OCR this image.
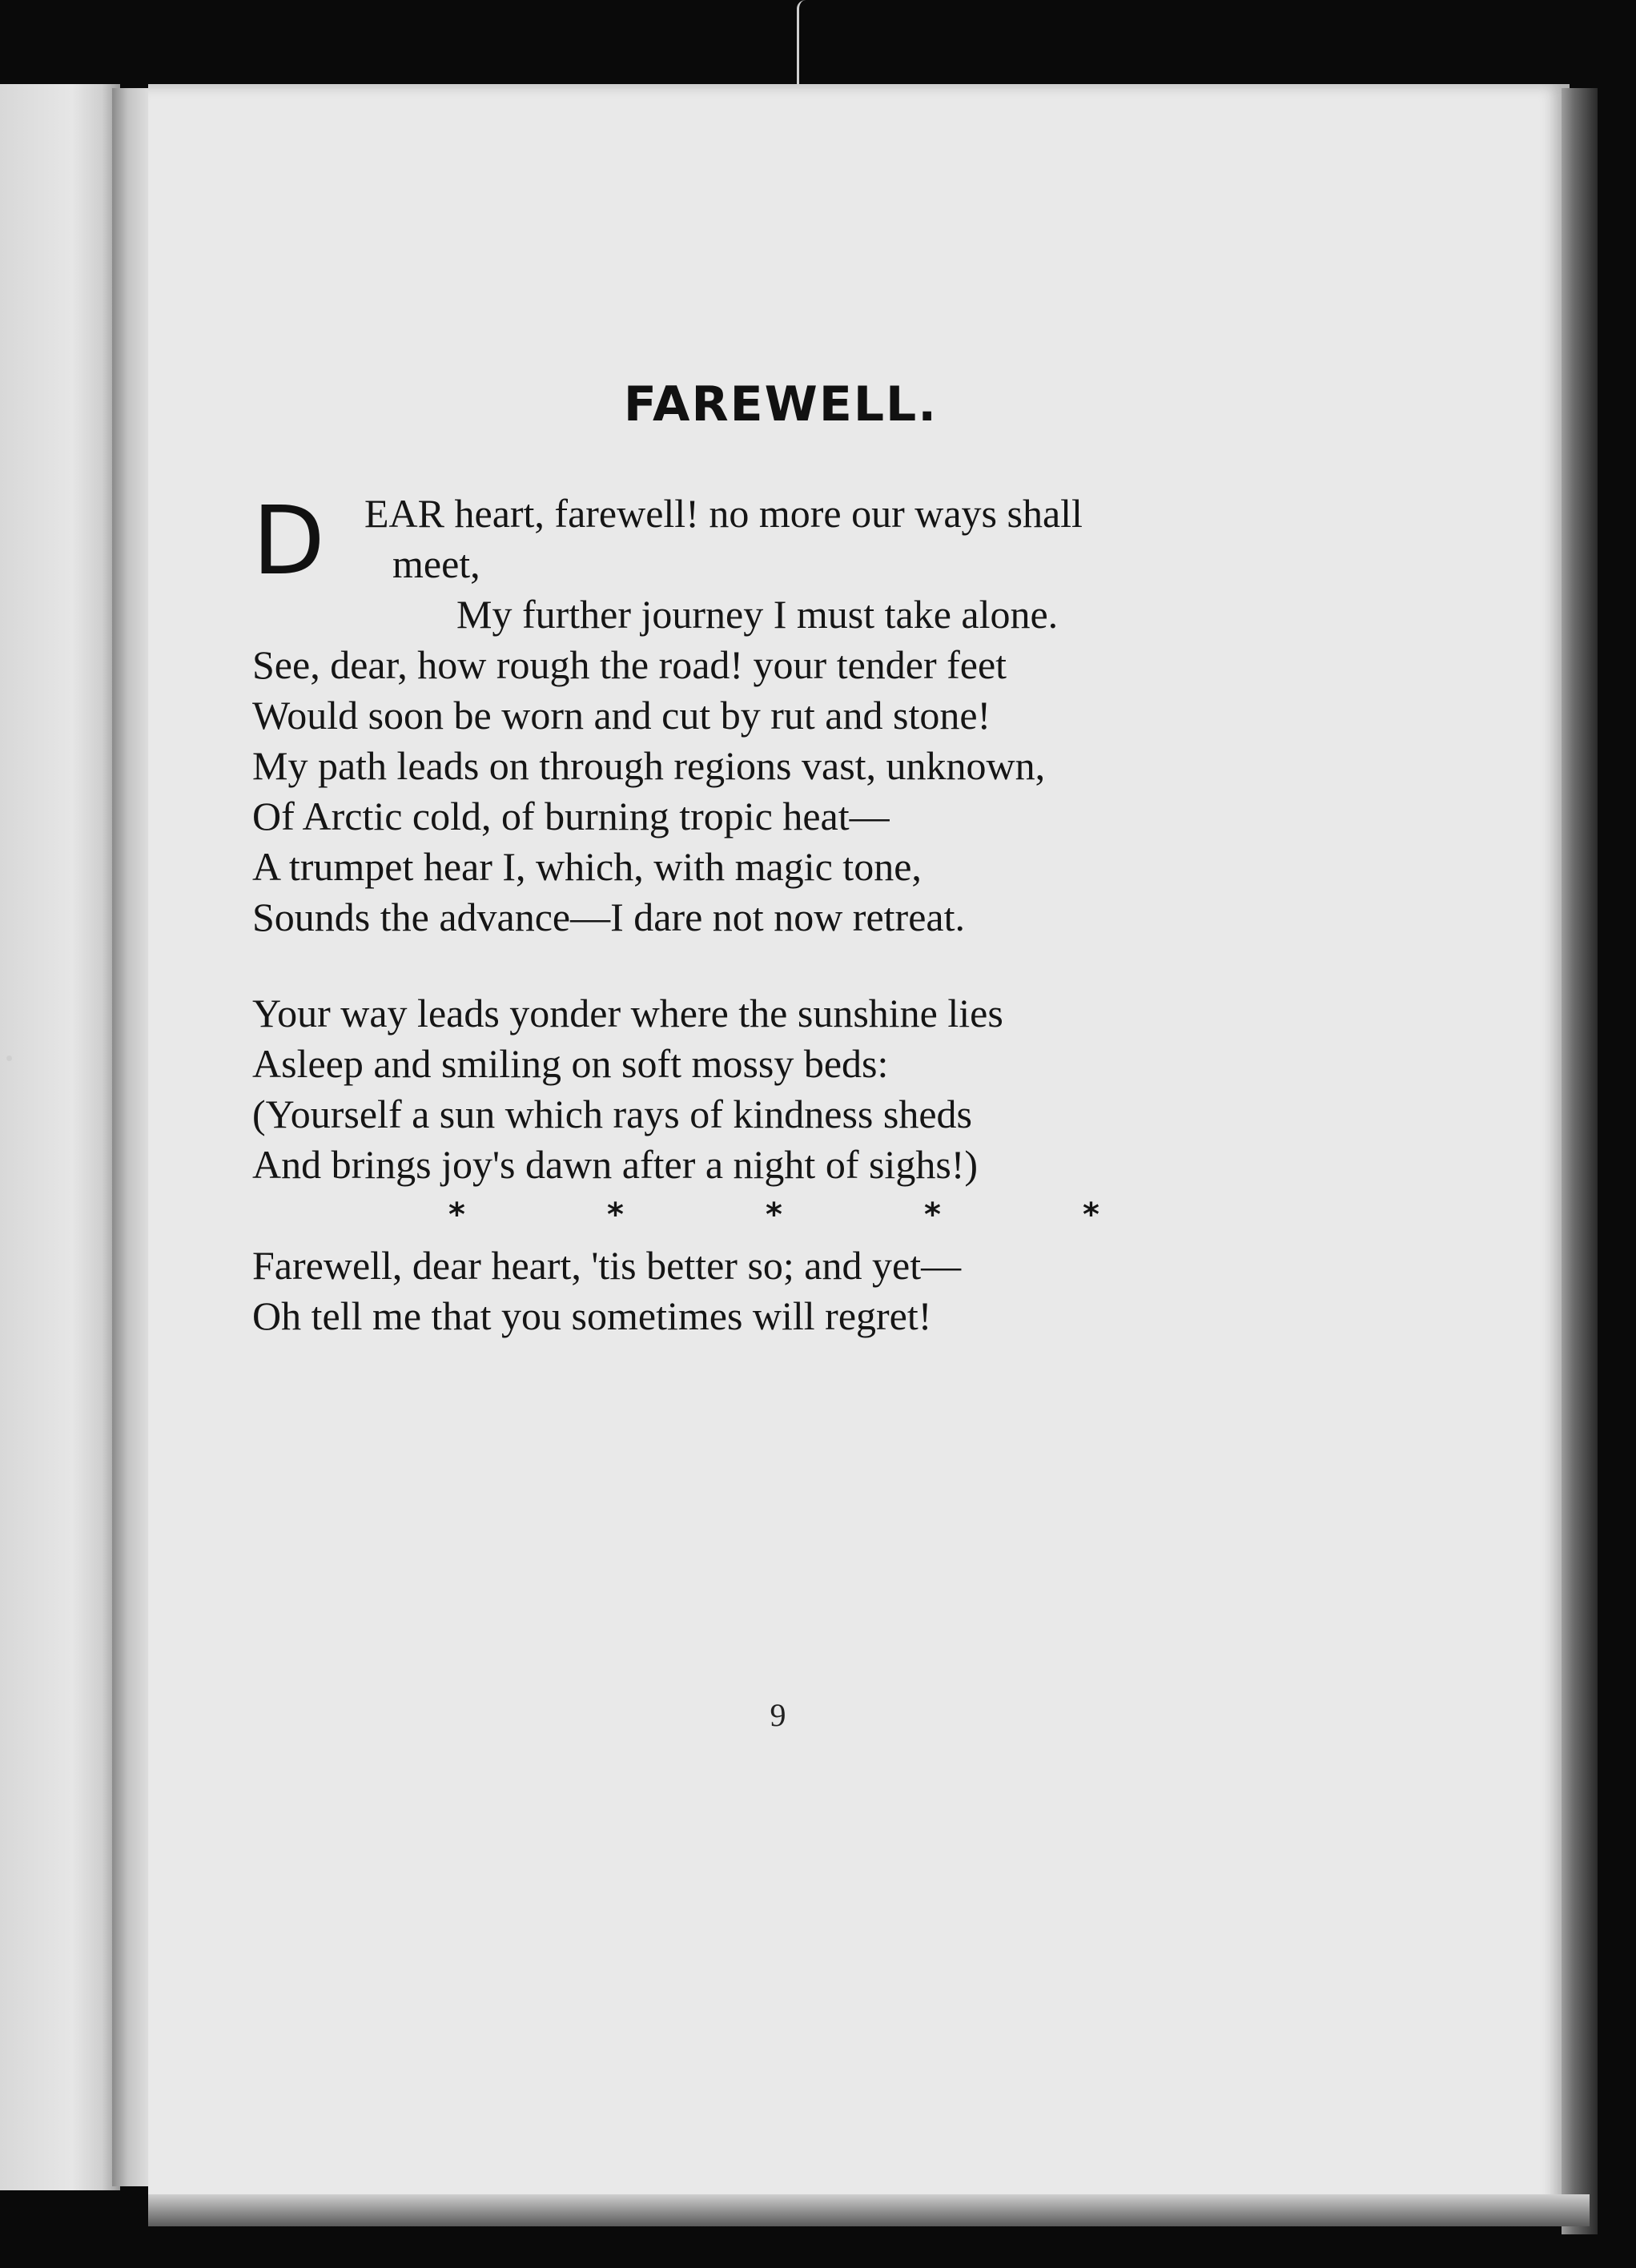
FAREWELL.
D EAR heart, farewell! no more our ways shall
meet,
My further journey I must take alone.
See, dear, how rough the road! your tender feet
Would soon be worn and cut by rut and stone!
My path leads on through regions vast, unknown,
Of Arctic cold, of burning tropic heat—
A trumpet hear I, which, with magic tone,
Sounds the advance—I dare not now retreat.
Your way leads yonder where the sunshine lies
Asleep and smiling on soft mossy beds:
(Yourself a sun which rays of kindness sheds
And brings joy's dawn after a night of sighs!)
*	*	*	*	*
Farewell, dear heart, 'tis better so; and yet—
Oh tell me that you sometimes will regret!
9
